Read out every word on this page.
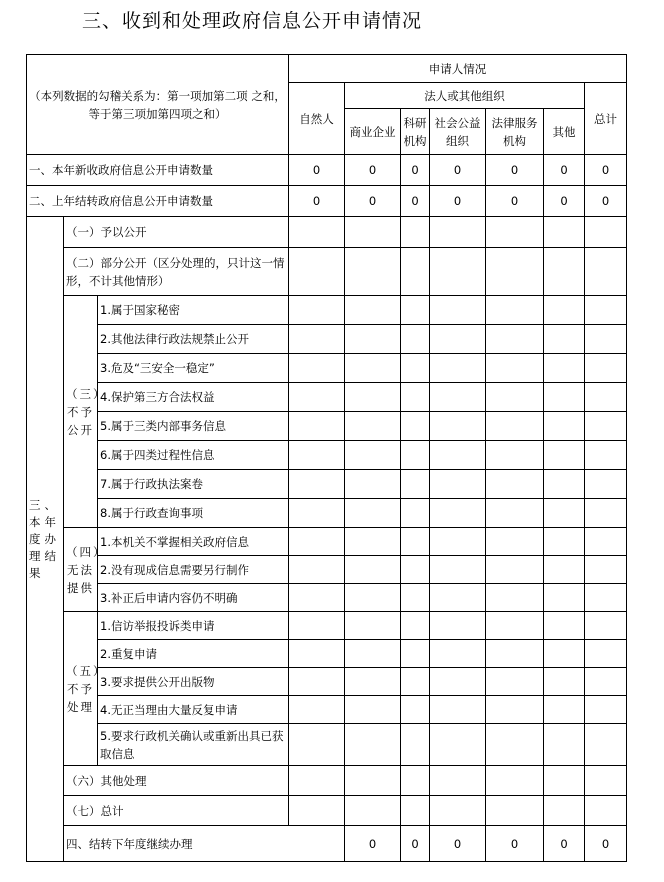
三、收到和处理政府信息公开申请情况
（本列数据的勾稽关系为：第一项加第二项 之和，等于第三项加第四项之和）			申请人情况							
			自然人	法人或其他组织					总计	
				商业企业	科研机构	社会公益组织	法律服务机构	其他		
一、本年新收政府信息公开申请数量			0	0	0	0	0	0	0	
二、上年结转政府信息公开申请数量			0	0	0	0	0	0	0	
三、本年度办理结果	（一）予以公开									
	（二）部分公开（区分处理的，只计这一情形，不计其他情形）									
	（三）不予公开	1.属于国家秘密								
		2.其他法律行政法规禁止公开								
		3.危及“三安全一稳定”								
		4.保护第三方合法权益								
		5.属于三类内部事务信息								
		6.属于四类过程性信息								
		7.属于行政执法案卷								
		8.属于行政查询事项								
	（四）无法提供	1.本机关不掌握相关政府信息								
		2.没有现成信息需要另行制作								
		3.补正后申请内容仍不明确								
	（五）不予处理	1.信访举报投诉类申请								
		2.重复申请								
		3.要求提供公开出版物								
		4.无正当理由大量反复申请								
		5.要求行政机关确认或重新出具已获取信息								
	（六）其他处理									
	（七）总计									
	四、结转下年度继续办理			0	0	0	0	0	0	
